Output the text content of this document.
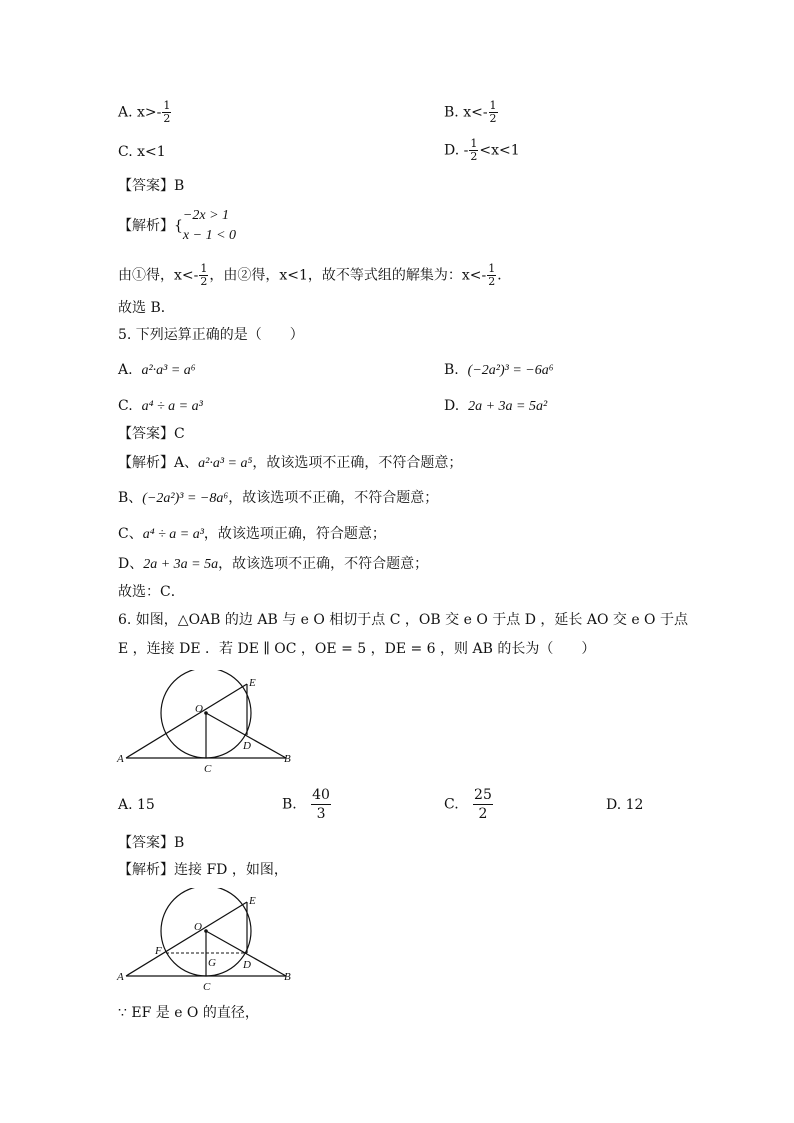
A. $x>- \frac{1}{2}$	B. $x<- \frac{1}{2}$
C. x<1	D. - $\frac{1}{2} <x<1$
【答案】B
【解析】{
−2x > 1
x − 1 < 0
由①得，$x<- \frac{1}{2}$ ，由②得，x<1，故不等式组的解集为：$x<- \frac{1}{2}$ ．
故选 B．
5. 下列运算正确的是（　　）
A. a²·a³ = a⁶	B. (−2a²)³ = −6a⁶
C. a⁴ ÷ a = a³	D. 2a + 3a = 5a²
【答案】C
【解析】A、a²·a³ = a⁵，故该选项不正确，不符合题意；
B、(−2a²)³ = −8a⁶，故该选项不正确，不符合题意；
C、a⁴ ÷ a = a³，故该选项正确，符合题意；
D、2a + 3a = 5a，故该选项不正确，不符合题意；
故选：C．
6. 如图，△OAB 的边 AB 与 e O 相切于点 C ，OB 交 e O 于点 D ，延长 AO 交 e O 于点
E ，连接 DE ．若 DE ∥ OC ，OE = 5 ，DE = 6 ，则 AB 的长为（　　）
O
E
D
A	B
C
A. 15	B. $\frac{40}{3}$	C. $\frac{25}{2}$	D. 12
【答案】B
【解析】连接 FD ，如图，
O
E
D
F
G
A	B
C
∵ EF 是 e O 的直径，
